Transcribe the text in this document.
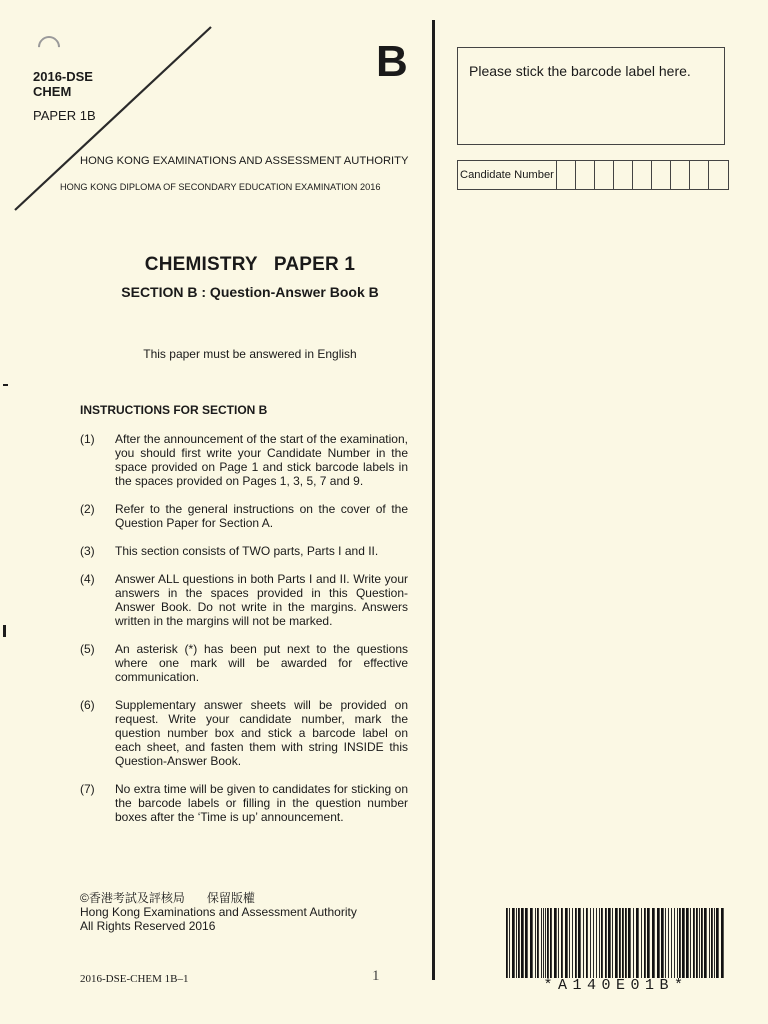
2016-DSE
CHEM
PAPER 1B
B
HONG KONG EXAMINATIONS AND ASSESSMENT AUTHORITY
HONG KONG DIPLOMA OF SECONDARY EDUCATION EXAMINATION 2016
Please stick the barcode label here.
Candidate Number
CHEMISTRY   PAPER 1
SECTION B : Question-Answer Book B
This paper must be answered in English
INSTRUCTIONS FOR SECTION B
(1)	After the announcement of the start of the examination, you should first write your Candidate Number in the space provided on Page 1 and stick barcode labels in the spaces provided on Pages 1, 3, 5, 7 and 9.
(2)	Refer to the general instructions on the cover of the Question Paper for Section A.
(3)	This section consists of TWO parts, Parts I and II.
(4)	Answer ALL questions in both Parts I and II. Write your answers in the spaces provided in this Question-Answer Book. Do not write in the margins. Answers written in the margins will not be marked.
(5)	An asterisk (*) has been put next to the questions where one mark will be awarded for effective communication.
(6)	Supplementary answer sheets will be provided on request. Write your candidate number, mark the question number box and stick a barcode label on each sheet, and fasten them with string INSIDE this Question-Answer Book.
(7)	No extra time will be given to candidates for sticking on the barcode labels or filling in the question number boxes after the ‘Time is up’ announcement.
©香港考試及評核局 保留版權
Hong Kong Examinations and Assessment Authority
All Rights Reserved 2016
2016-DSE-CHEM 1B–1	1
*A140E01B*
